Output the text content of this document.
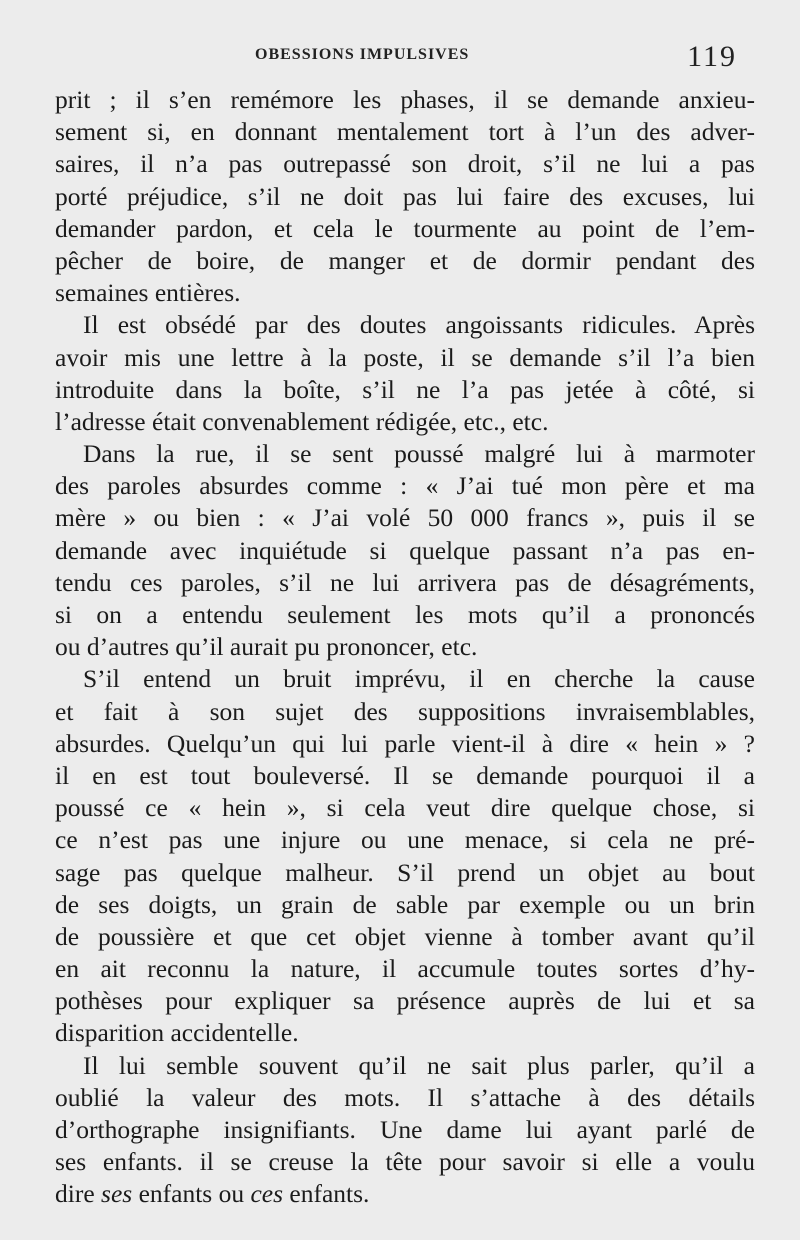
OBESSIONS IMPULSIVES	119
prit ; il s’en remémore les phases, il se demande anxieu-
sement si, en donnant mentalement tort à l’un des adver-
saires, il n’a pas outrepassé son droit, s’il ne lui a pas
porté préjudice, s’il ne doit pas lui faire des excuses, lui
demander pardon, et cela le tourmente au point de l’em-
pêcher de boire, de manger et de dormir pendant des
semaines entières.
Il est obsédé par des doutes angoissants ridicules. Après
avoir mis une lettre à la poste, il se demande s’il l’a bien
introduite dans la boîte, s’il ne l’a pas jetée à côté, si
l’adresse était convenablement rédigée, etc., etc.
Dans la rue, il se sent poussé malgré lui à marmoter
des paroles absurdes comme : « J’ai tué mon père et ma
mère » ou bien : « J’ai volé 50 000 francs », puis il se
demande avec inquiétude si quelque passant n’a pas en-
tendu ces paroles, s’il ne lui arrivera pas de désagréments,
si on a entendu seulement les mots qu’il a prononcés
ou d’autres qu’il aurait pu prononcer, etc.
S’il entend un bruit imprévu, il en cherche la cause
et fait à son sujet des suppositions invraisemblables,
absurdes. Quelqu’un qui lui parle vient-il à dire « hein » ?
il en est tout bouleversé. Il se demande pourquoi il a
poussé ce « hein », si cela veut dire quelque chose, si
ce n’est pas une injure ou une menace, si cela ne pré-
sage pas quelque malheur. S’il prend un objet au bout
de ses doigts, un grain de sable par exemple ou un brin
de poussière et que cet objet vienne à tomber avant qu’il
en ait reconnu la nature, il accumule toutes sortes d’hy-
pothèses pour expliquer sa présence auprès de lui et sa
disparition accidentelle.
Il lui semble souvent qu’il ne sait plus parler, qu’il a
oublié la valeur des mots. Il s’attache à des détails
d’orthographe insignifiants. Une dame lui ayant parlé de
ses enfants. il se creuse la tête pour savoir si elle a voulu
dire ses enfants ou ces enfants.
